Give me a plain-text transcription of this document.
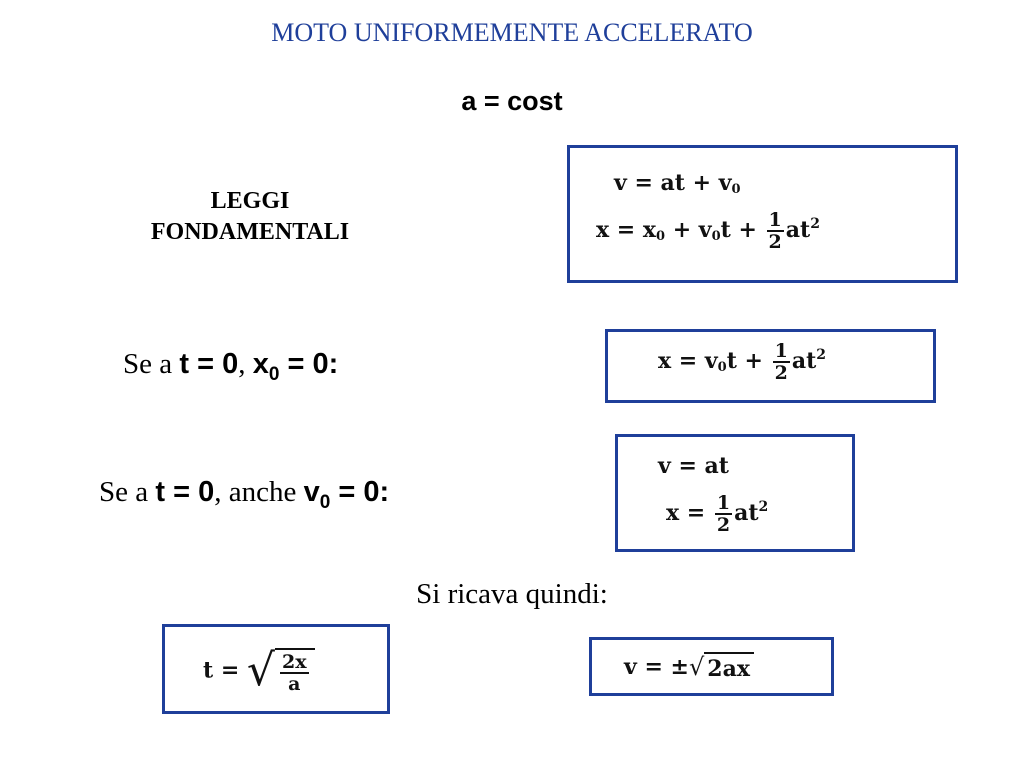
MOTO UNIFORMEMENTE ACCELERATO
a = cost
LEGGI
FONDAMENTALI
v = at + $v_0$
$x = x_0 + v_0t + \frac{1}{2} at^2$
Se a t = 0, $x_0 = 0$:	$x = v_0t + \frac{1}{2} at^2$
Se a t = 0, anche $v_0 = 0$:
v = at
$x = \frac{1}{2} at^2$
Si ricava quindi:
t = √ $\frac{2x}{a}$	v = ±√ 2ax
